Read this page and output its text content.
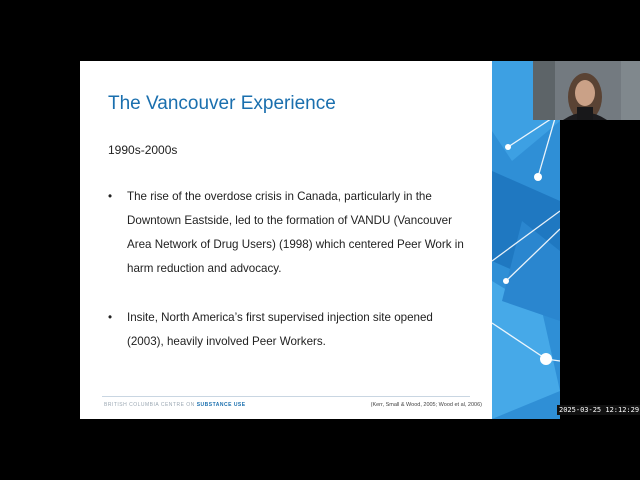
The Vancouver Experience
1990s-2000s
• The rise of the overdose crisis in Canada, particularly in the Downtown Eastside, led to the formation of VANDU (Vancouver Area Network of Drug Users) (1998) which centered Peer Work in harm reduction and advocacy.
• Insite, North America’s first supervised injection site opened (2003), heavily involved Peer Workers.
BRITISH COLUMBIA CENTRE ON SUBSTANCE USE	(Kerr, Small & Wood, 2005; Wood et al, 2006)
2025-03-25 12:12:29
